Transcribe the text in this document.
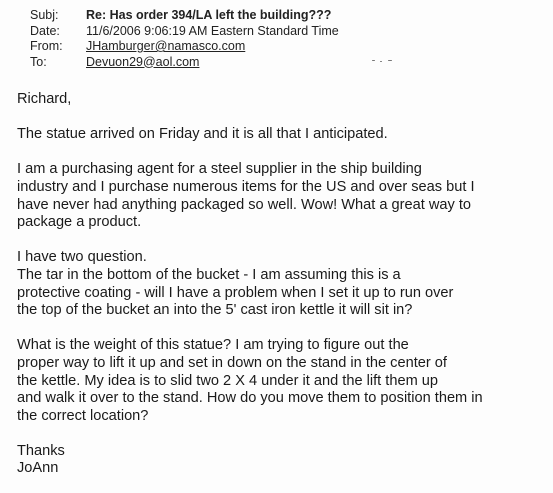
Subj:	Re: Has order 394/LA left the building???
Date:	11/6/2006 9:06:19 AM Eastern Standard Time
From:	JHamburger@namasco.com
To:	Devuon29@aol.com

Richard,

The statue arrived on Friday and it is all that I anticipated.

I am a purchasing agent for a steel supplier in the ship building
industry and I purchase numerous items for the US and over seas but I
have never had anything packaged so well. Wow! What a great way to
package a product.

I have two question.
The tar in the bottom of the bucket - I am assuming this is a
protective coating - will I have a problem when I set it up to run over
the top of the bucket an into the 5' cast iron kettle it will sit in?

What is the weight of this statue? I am trying to figure out the
proper way to lift it up and set in down on the stand in the center of
the kettle. My idea is to slid two 2 X 4 under it and the lift them up
and walk it over to the stand. How do you move them to position them in
the correct location?

Thanks
JoAnn
